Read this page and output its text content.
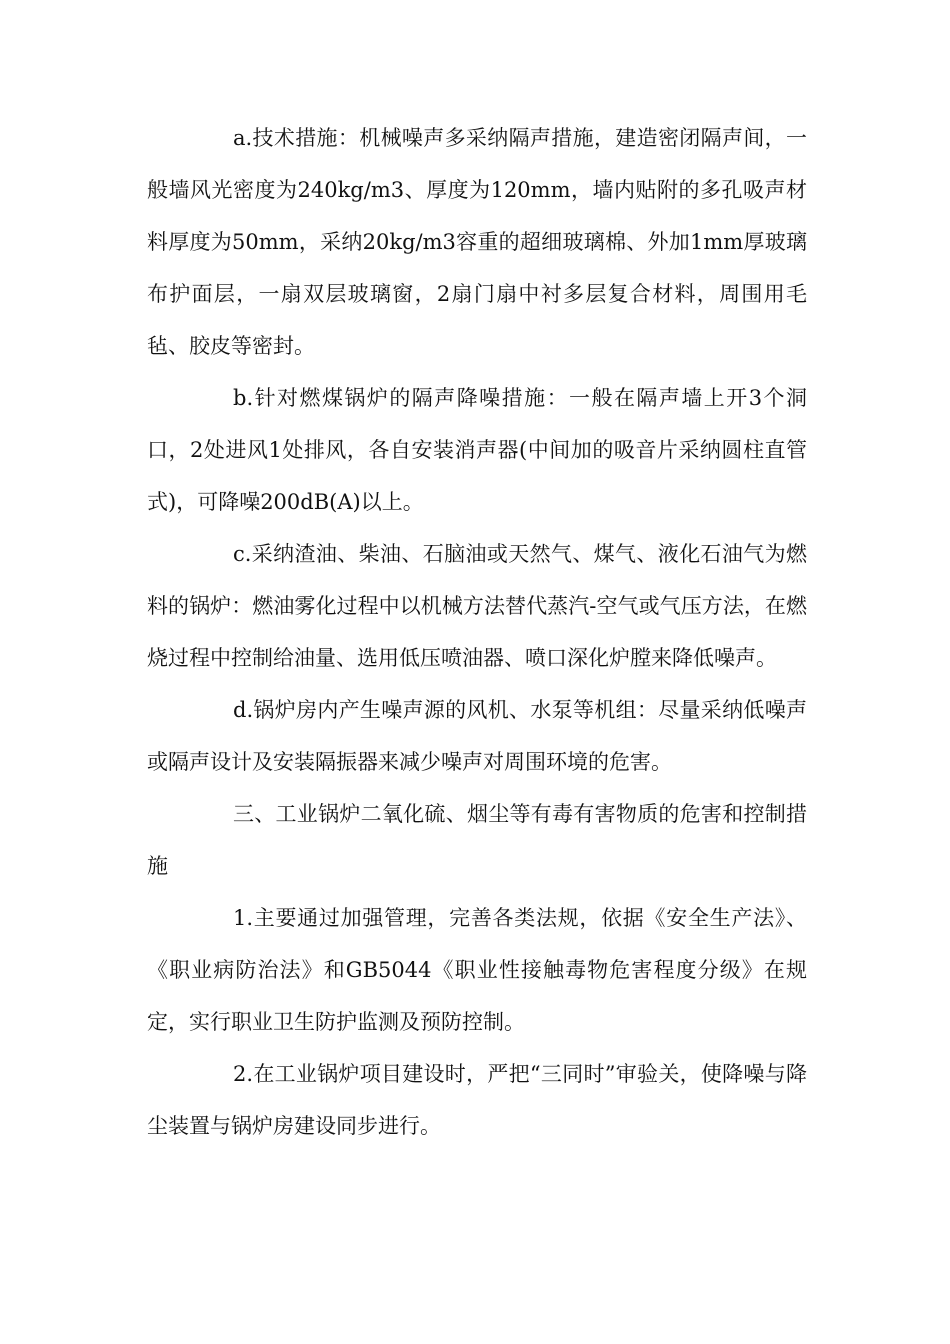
a.技术措施：机械噪声多采纳隔声措施，建造密闭隔声间，一般墙风光密度为240kg/m3、厚度为120mm，墙内贴附的多孔吸声材料厚度为50mm，采纳20kg/m3容重的超细玻璃棉、外加1mm厚玻璃布护面层，一扇双层玻璃窗，2扇门扇中衬多层复合材料，周围用毛毡、胶皮等密封。

b.针对燃煤锅炉的隔声降噪措施：一般在隔声墙上开3个洞口，2处进风1处排风，各自安装消声器(中间加的吸音片采纳圆柱直管式)，可降噪200dB(A)以上。

c.采纳渣油、柴油、石脑油或天然气、煤气、液化石油气为燃料的锅炉：燃油雾化过程中以机械方法替代蒸汽-空气或气压方法，在燃烧过程中控制给油量、选用低压喷油器、喷口深化炉膛来降低噪声。

d.锅炉房内产生噪声源的风机、水泵等机组：尽量采纳低噪声或隔声设计及安装隔振器来减少噪声对周围环境的危害。

三、工业锅炉二氧化硫、烟尘等有毒有害物质的危害和控制措施

1.主要通过加强管理，完善各类法规，依据《安全生产法》、《职业病防治法》和GB5044《职业性接触毒物危害程度分级》在规定，实行职业卫生防护监测及预防控制。

2.在工业锅炉项目建设时，严把“三同时”审验关，使降噪与降尘装置与锅炉房建设同步进行。
